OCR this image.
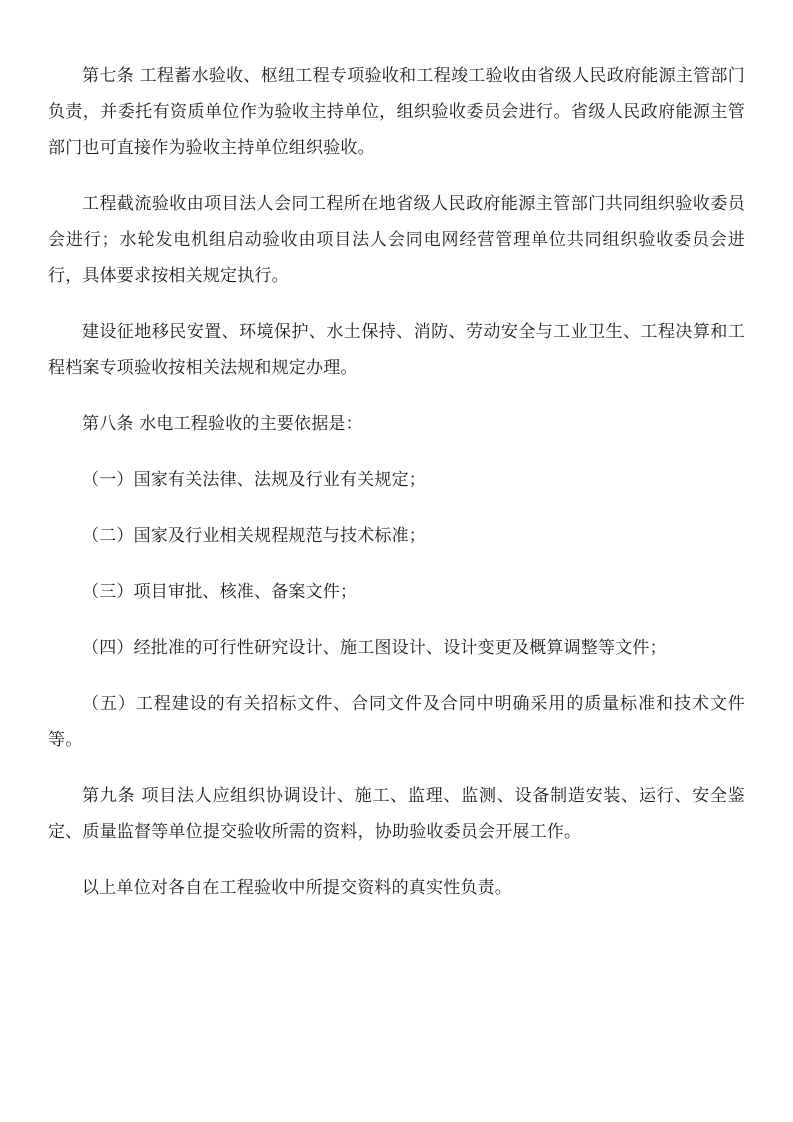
第七条 工程蓄水验收、枢纽工程专项验收和工程竣工验收由省级人民政府能源主管部门负责，并委托有资质单位作为验收主持单位，组织验收委员会进行。省级人民政府能源主管部门也可直接作为验收主持单位组织验收。

工程截流验收由项目法人会同工程所在地省级人民政府能源主管部门共同组织验收委员会进行；水轮发电机组启动验收由项目法人会同电网经营管理单位共同组织验收委员会进行，具体要求按相关规定执行。

建设征地移民安置、环境保护、水土保持、消防、劳动安全与工业卫生、工程决算和工程档案专项验收按相关法规和规定办理。

第八条 水电工程验收的主要依据是：

（一）国家有关法律、法规及行业有关规定；

（二）国家及行业相关规程规范与技术标准；

（三）项目审批、核准、备案文件；

（四）经批准的可行性研究设计、施工图设计、设计变更及概算调整等文件；

（五）工程建设的有关招标文件、合同文件及合同中明确采用的质量标准和技术文件等。

第九条 项目法人应组织协调设计、施工、监理、监测、设备制造安装、运行、安全鉴定、质量监督等单位提交验收所需的资料，协助验收委员会开展工作。

以上单位对各自在工程验收中所提交资料的真实性负责。
